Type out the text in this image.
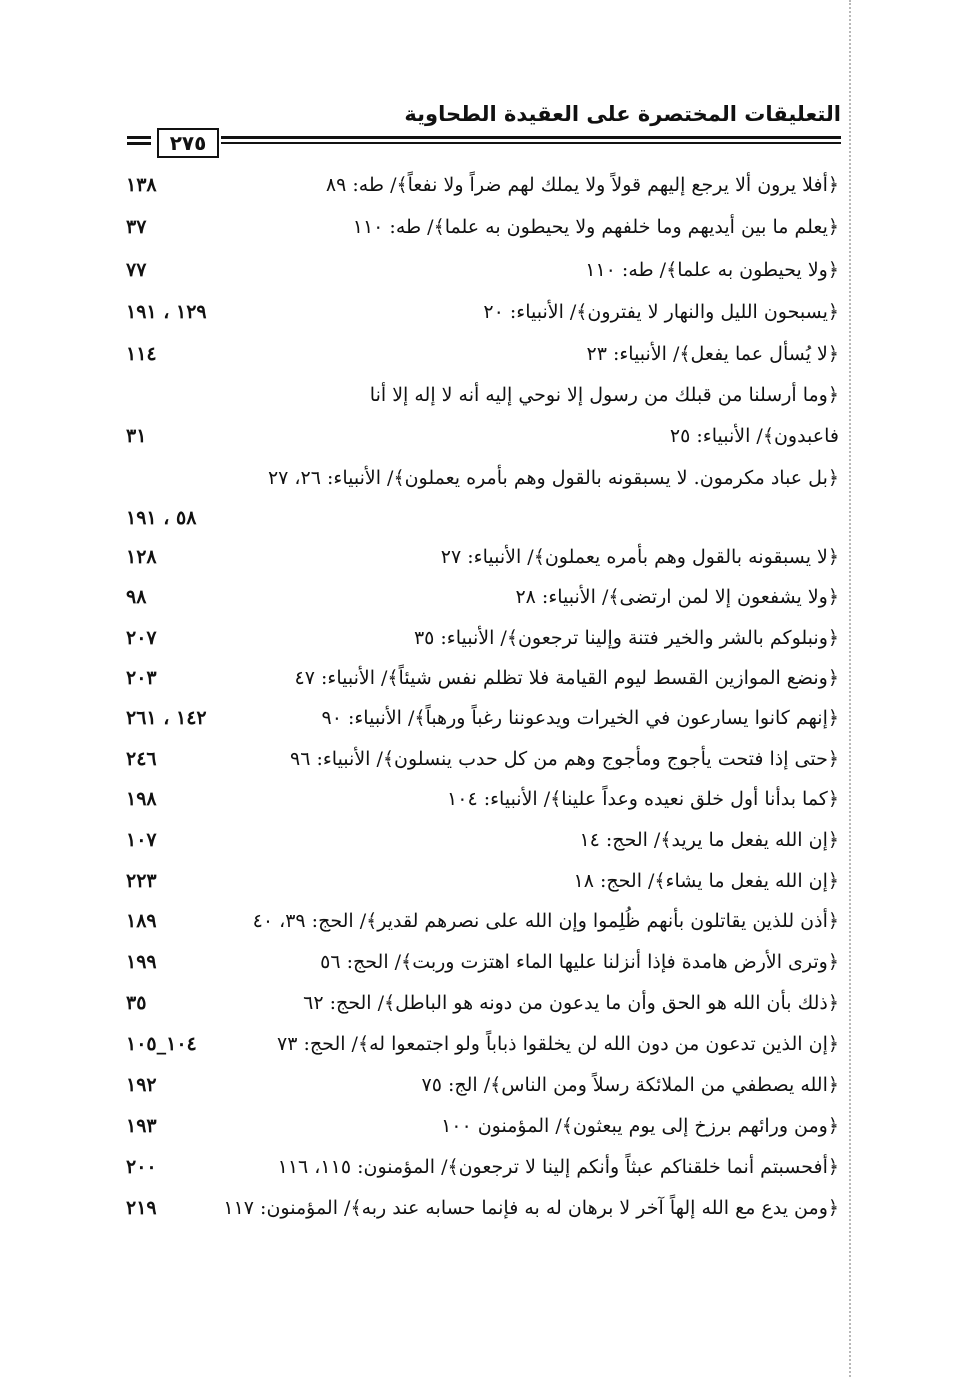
التعليقات المختصرة على العقيدة الطحاوية
٢٧٥
﴿أفلا يرون ألا يرجع إليهم قولاً ولا يملك لهم ضراً ولا نفعاً﴾/ طه: ٨٩
١٣٨
﴿يعلم ما بين أيديهم وما خلفهم ولا يحيطون به علما﴾/ طه: ١١٠
٣٧
﴿ولا يحيطون به علما﴾/ طه: ١١٠
٧٧
﴿يسبحون الليل والنهار لا يفترون﴾/ الأنبياء: ٢٠
١٢٩ ، ١٩١
﴿لا يُسأل عما يفعل﴾/ الأنبياء: ٢٣
١١٤
﴿وما أرسلنا من قبلك من رسول إلا نوحي إليه أنه لا إله إلا أنا
فاعبدون﴾/ الأنبياء: ٢٥
٣١
﴿بل عباد مكرمون. لا يسبقونه بالقول وهم بأمره يعملون﴾/ الأنبياء: ٢٦، ٢٧
٥٨ ، ١٩١
﴿لا يسبقونه بالقول وهم بأمره يعملون﴾/ الأنبياء: ٢٧
١٢٨
﴿ولا يشفعون إلا لمن ارتضى﴾/ الأنبياء: ٢٨
٩٨
﴿ونبلوكم بالشر والخير فتنة وإلينا ترجعون﴾/ الأنبياء: ٣٥
٢٠٧
﴿ونضع الموازين القسط ليوم القيامة فلا تظلم نفس شيئاً﴾/ الأنبياء: ٤٧
٢٠٣
﴿إنهم كانوا يسارعون في الخيرات ويدعوننا رغباً ورهباً﴾/ الأنبياء: ٩٠
١٤٢ ، ٢٦١
﴿حتى إذا فتحت يأجوج ومأجوج وهم من كل حدب ينسلون﴾/ الأنبياء: ٩٦
٢٤٦
﴿كما بدأنا أول خلق نعيده وعداً علينا﴾/ الأنبياء: ١٠٤
١٩٨
﴿إن الله يفعل ما يريد﴾/ الحج: ١٤
١٠٧
﴿إن الله يفعل ما يشاء﴾/ الحج: ١٨
٢٢٣
﴿أذن للذين يقاتلون بأنهم ظُلِموا وإن الله على نصرهم لقدير﴾/ الحج: ٣٩، ٤٠
١٨٩
﴿وترى الأرض هامدة فإذا أنزلنا عليها الماء اهتزت وربت﴾/ الحج: ٥٦
١٩٩
﴿ذلك بأن الله هو الحق وأن ما يدعون من دونه هو الباطل﴾/ الحج: ٦٢
٣٥
﴿إن الذين تدعون من دون الله لن يخلقوا ذباباً ولو اجتمعوا له﴾/ الحج: ٧٣
١٠٤_١٠٥
﴿الله يصطفي من الملائكة رسلاً ومن الناس﴾/ الج: ٧٥
١٩٢
﴿ومن ورائهم برزخ إلى يوم يبعثون﴾/ المؤمنون ١٠٠
١٩٣
﴿أفحسبتم أنما خلقناكم عبثاً وأنكم إلينا لا ترجعون﴾/ المؤمنون: ١١٥، ١١٦
٢٠٠
﴿ومن يدع مع الله إلهاً آخر لا برهان له به فإنما حسابه عند ربه﴾/ المؤمنون: ١١٧
٢١٩
